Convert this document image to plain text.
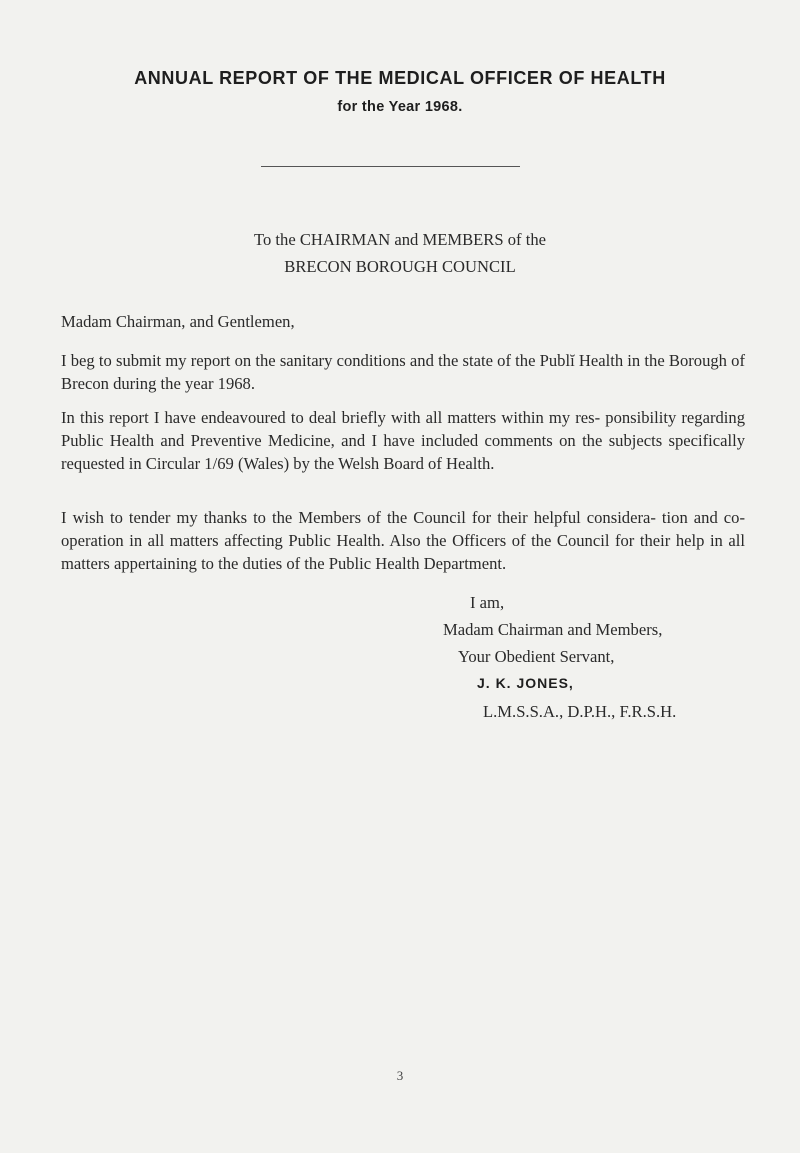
ANNUAL REPORT OF THE MEDICAL OFFICER OF HEALTH
for the Year 1968.
To the CHAIRMAN and MEMBERS of the
BRECON BOROUGH COUNCIL
Madam Chairman, and Gentlemen,

I beg to submit my report on the sanitary conditions and the state of the Publĭ Health in the Borough of Brecon during the year 1968.

In this report I have endeavoured to deal briefly with all matters within my res- ponsibility regarding Public Health and Preventive Medicine, and I have included comments on the subjects specifically requested in Circular 1/69 (Wales) by the Welsh Board of Health.

I wish to tender my thanks to the Members of the Council for their helpful considera- tion and co-operation in all matters affecting Public Health. Also the Officers of the Council for their help in all matters appertaining to the duties of the Public Health Department.

I am,
Madam Chairman and Members,
Your Obedient Servant,
J. K. JONES,
L.M.S.S.A., D.P.H., F.R.S.H.
3
